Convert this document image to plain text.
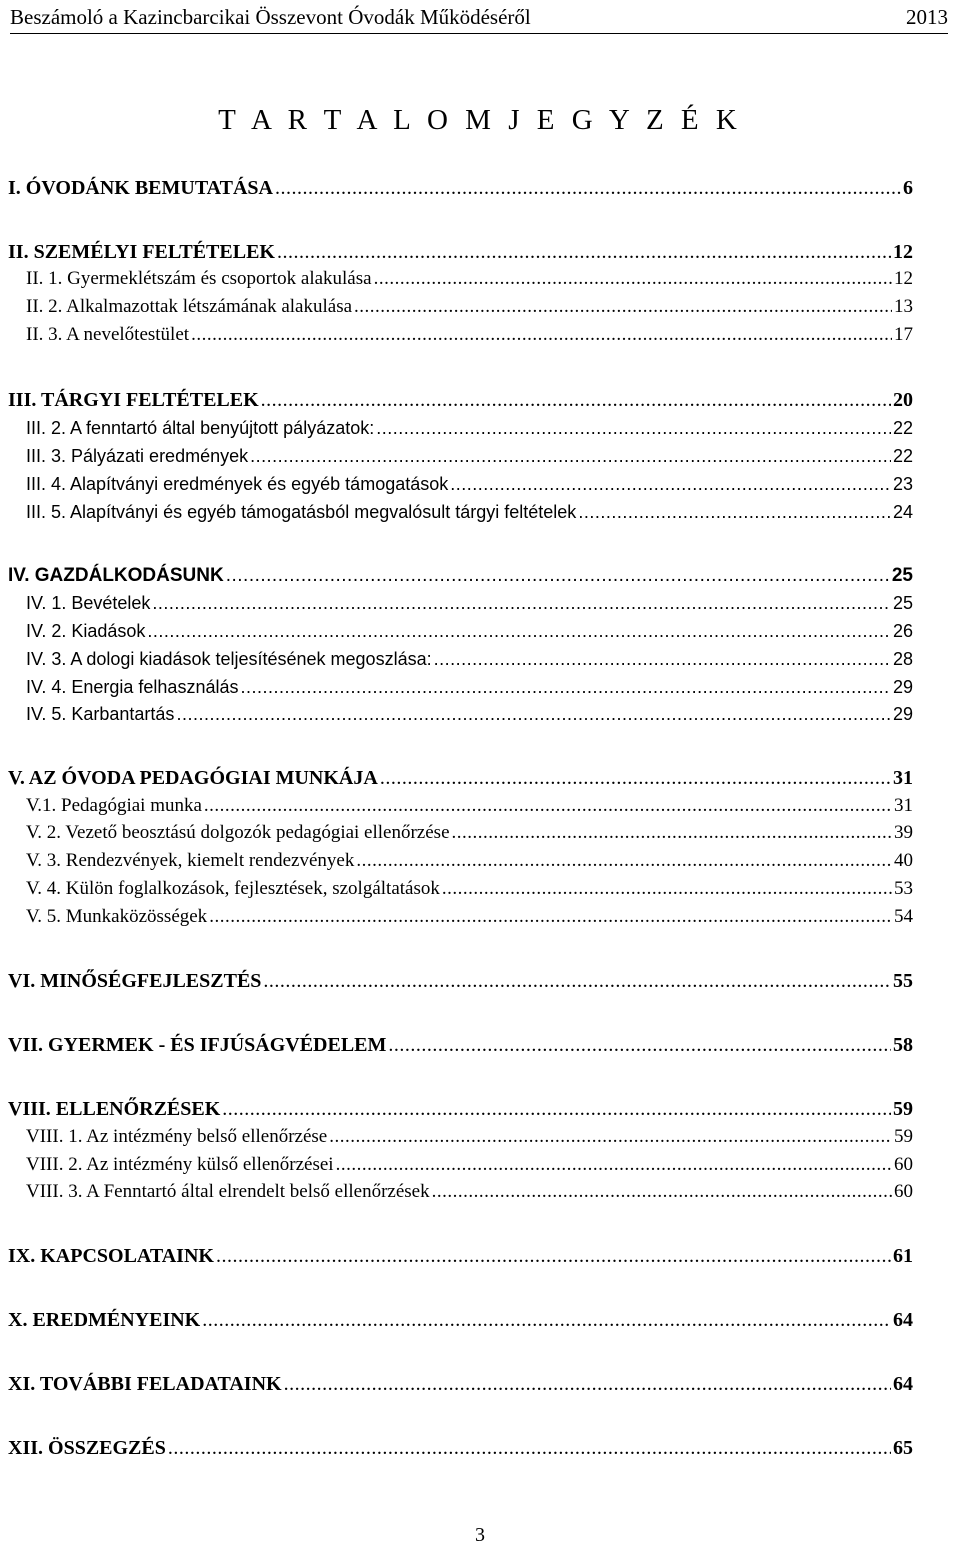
Beszámoló a Kazincbarcikai Összevont Óvodák Működéséről	2013
T A R T A L O M J E G Y Z É K
I. ÓVODÁNK BEMUTATÁSA .....	6
II. SZEMÉLYI FELTÉTELEK .....	12
II. 1. Gyermeklétszám és csoportok alakulása .....	12
II. 2. Alkalmazottak létszámának alakulása .....	13
II. 3. A nevelőtestület .....	17
III. TÁRGYI FELTÉTELEK .....	20
III. 2. A fenntartó által benyújtott pályázatok: .....	22
III. 3. Pályázati eredmények .....	22
III. 4. Alapítványi eredmények és egyéb támogatások .....	23
III. 5. Alapítványi és egyéb támogatásból megvalósult tárgyi feltételek .....	24
IV. GAZDÁLKODÁSUNK .....	25
IV. 1. Bevételek .....	25
IV. 2. Kiadások .....	26
IV. 3. A dologi kiadások teljesítésének megoszlása: .....	28
IV. 4. Energia felhasználás .....	29
IV. 5. Karbantartás .....	29
V. AZ ÓVODA PEDAGÓGIAI MUNKÁJA .....	31
V.1. Pedagógiai munka .....	31
V. 2. Vezető beosztású dolgozók pedagógiai ellenőrzése .....	39
V. 3. Rendezvények, kiemelt rendezvények .....	40
V. 4. Külön foglalkozások, fejlesztések, szolgáltatások .....	53
V. 5. Munkaközösségek .....	54
VI. MINŐSÉGFEJLESZTÉS .....	55
VII. GYERMEK - ÉS IFJÚSÁGVÉDELEM .....	58
VIII. ELLENŐRZÉSEK .....	59
VIII. 1. Az intézmény belső ellenőrzése .....	59
VIII. 2. Az intézmény külső ellenőrzései .....	60
VIII. 3. A Fenntartó által elrendelt belső ellenőrzések .....	60
IX. KAPCSOLATAINK .....	61
X. EREDMÉNYEINK .....	64
XI. TOVÁBBI FELADATAINK .....	64
XII. ÖSSZEGZÉS .....	65
3
